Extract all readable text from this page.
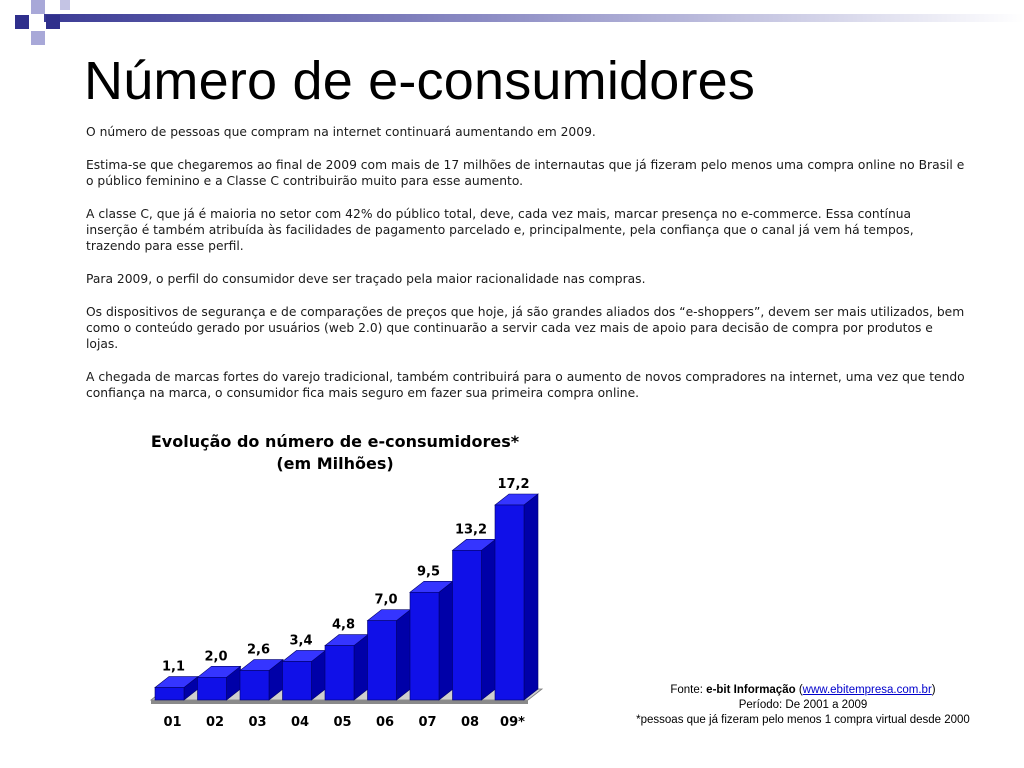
Número de e-consumidores

O número de pessoas que compram na internet continuará aumentando em 2009.

Estima-se que chegaremos ao final de 2009 com mais de 17 milhões de internautas que já fizeram pelo menos uma compra online no Brasil e o público feminino e a Classe C contribuirão muito para esse aumento.

A classe C, que já é maioria no setor com 42% do público total, deve, cada vez mais, marcar presença no e-commerce. Essa contínua inserção é também atribuída às facilidades de pagamento parcelado e, principalmente, pela confiança que o canal já vem há tempos, trazendo para esse perfil.

Para 2009, o perfil do consumidor deve ser traçado pela maior racionalidade nas compras.

Os dispositivos de segurança e de comparações de preços que hoje, já são grandes aliados dos “e-shoppers”, devem ser mais utilizados, bem como o conteúdo gerado por usuários (web 2.0) que continuarão a servir cada vez mais de apoio para decisão de compra por produtos e lojas.

A chegada de marcas fortes do varejo tradicional, também contribuirá para o aumento de novos compradores na internet, uma vez que tendo confiança na marca, o consumidor fica mais seguro em fazer sua primeira compra online.

Evolução do número de e-consumidores*
(em Milhões)
1,1
2,0 2,6
3,4
4,8
7,0
9,5
13,2
17,2
01 02 03 04 05 06 07 08 09*
Fonte: e-bit Informação (www.ebitempresa.com.br)
Período: De 2001 a 2009
*pessoas que já fizeram pelo menos 1 compra virtual desde 2000
